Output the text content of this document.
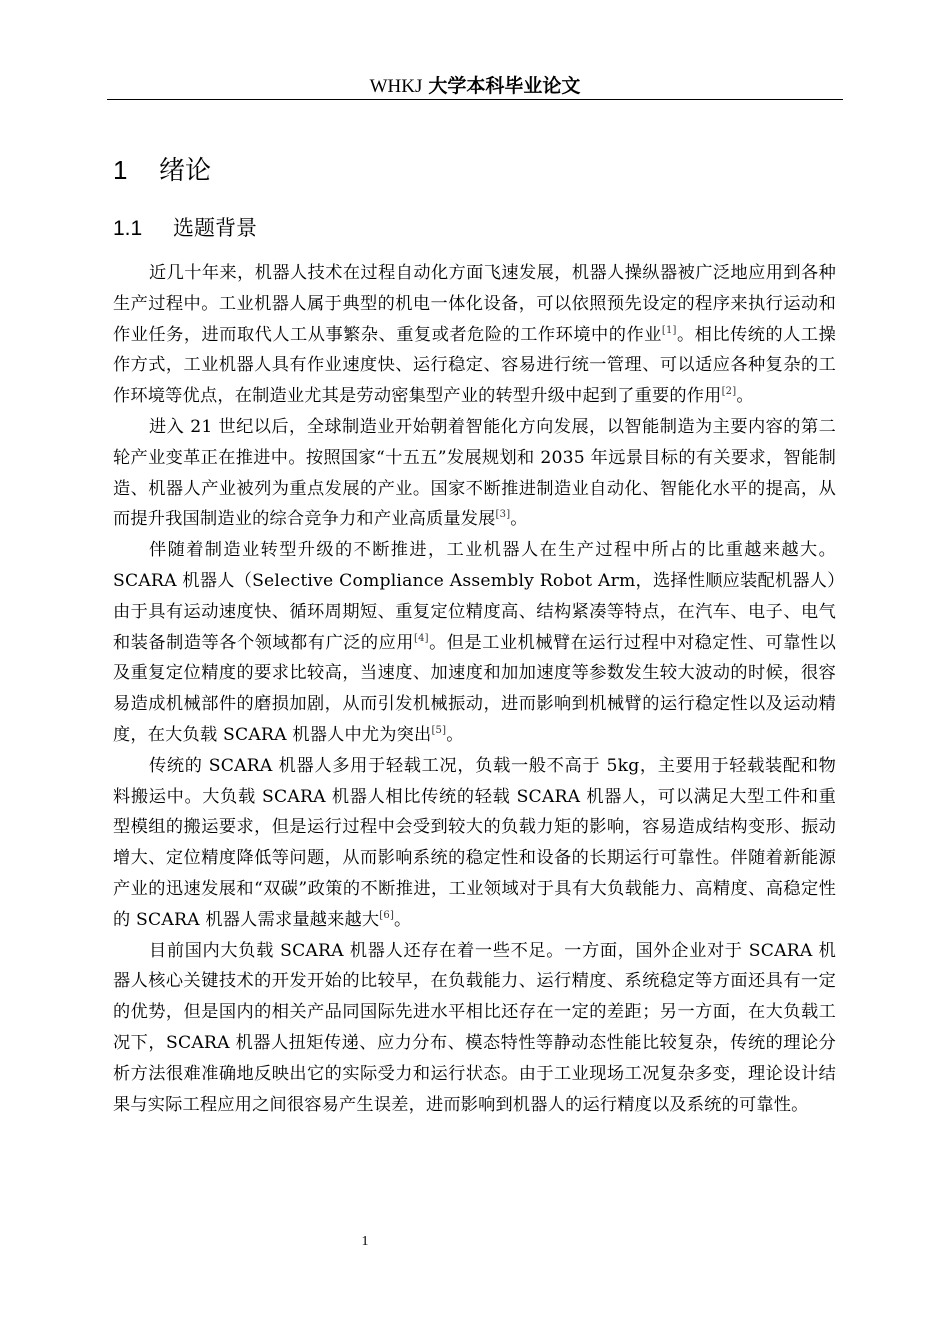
WHKJ 大学本科毕业论文
1 绪论
1.1 选题背景

近几十年来，机器人技术在过程自动化方面飞速发展，机器人操纵器被广泛地应用到各种生产过程中。工业机器人属于典型的机电一体化设备，可以依照预先设定的程序来执行运动和作业任务，进而取代人工从事繁杂、重复或者危险的工作环境中的作业[1]。相比传统的人工操作方式，工业机器人具有作业速度快、运行稳定、容易进行统一管理、可以适应各种复杂的工作环境等优点，在制造业尤其是劳动密集型产业的转型升级中起到了重要的作用[2]。

进入 21 世纪以后，全球制造业开始朝着智能化方向发展，以智能制造为主要内容的第二轮产业变革正在推进中。按照国家“十五五”发展规划和 2035 年远景目标的有关要求，智能制造、机器人产业被列为重点发展的产业。国家不断推进制造业自动化、智能化水平的提高，从而提升我国制造业的综合竞争力和产业高质量发展[3]。

伴随着制造业转型升级的不断推进，工业机器人在生产过程中所占的比重越来越大。SCARA 机器人（Selective Compliance Assembly Robot Arm，选择性顺应装配机器人）由于具有运动速度快、循环周期短、重复定位精度高、结构紧凑等特点，在汽车、电子、电气和装备制造等各个领域都有广泛的应用[4]。但是工业机械臂在运行过程中对稳定性、可靠性以及重复定位精度的要求比较高，当速度、加速度和加加速度等参数发生较大波动的时候，很容易造成机械部件的磨损加剧，从而引发机械振动，进而影响到机械臂的运行稳定性以及运动精度，在大负载 SCARA 机器人中尤为突出[5]。

传统的 SCARA 机器人多用于轻载工况，负载一般不高于 5kg，主要用于轻载装配和物料搬运中。大负载 SCARA 机器人相比传统的轻载 SCARA 机器人，可以满足大型工件和重型模组的搬运要求，但是运行过程中会受到较大的负载力矩的影响，容易造成结构变形、振动增大、定位精度降低等问题，从而影响系统的稳定性和设备的长期运行可靠性。伴随着新能源产业的迅速发展和“双碳”政策的不断推进，工业领域对于具有大负载能力、高精度、高稳定性的 SCARA 机器人需求量越来越大[6]。

目前国内大负载 SCARA 机器人还存在着一些不足。一方面，国外企业对于 SCARA 机器人核心关键技术的开发开始的比较早，在负载能力、运行精度、系统稳定等方面还具有一定的优势，但是国内的相关产品同国际先进水平相比还存在一定的差距；另一方面，在大负载工况下，SCARA 机器人扭矩传递、应力分布、模态特性等静动态性能比较复杂，传统的理论分析方法很难准确地反映出它的实际受力和运行状态。由于工业现场工况复杂多变，理论设计结果与实际工程应用之间很容易产生误差，进而影响到机器人的运行精度以及系统的可靠性。

1
